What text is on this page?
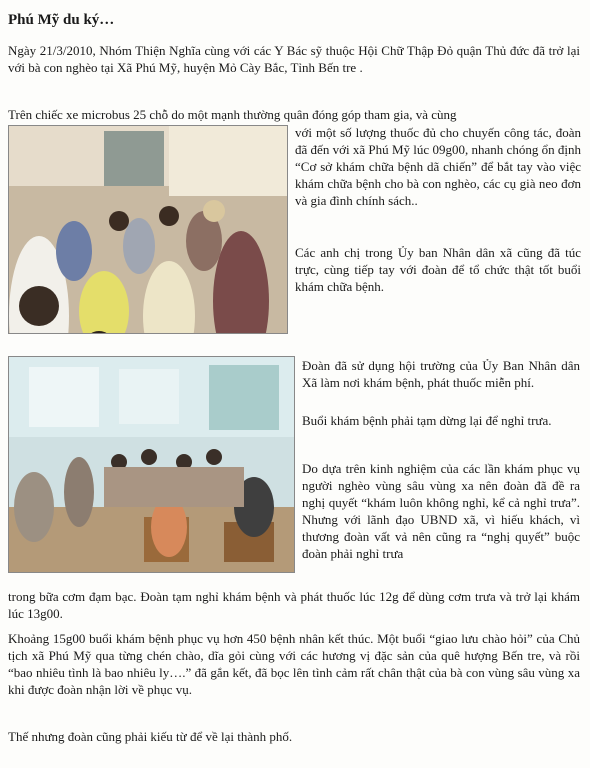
Phú Mỹ du ký…

Ngày 21/3/2010, Nhóm Thiện Nghĩa cùng với các Y Bác sỹ thuộc Hội Chữ Thập Đỏ quận Thủ đức đã trở lại với bà con nghèo tại Xã Phú Mỹ, huyện Mỏ Cày Bắc, Tỉnh Bến tre .

Trên chiếc xe microbus 25 chỗ do một mạnh thường quân đóng góp tham gia, và cùng

với một số lượng thuốc đủ cho chuyến công tác, đoàn đã đến với xã Phú Mỹ lúc 09g00, nhanh chóng ổn định “Cơ sở khám chữa bệnh dã chiến” để bắt tay vào việc khám chữa bệnh cho bà con nghèo, các cụ già neo đơn và gia đình chính sách..

Các anh chị trong Ủy ban Nhân dân xã cũng đã túc trực, cùng tiếp tay với đoàn để tổ chức thật tốt buổi khám chữa bệnh.

Đoàn đã sử dụng hội trường của Ủy Ban Nhân dân Xã làm nơi khám bệnh, phát thuốc miễn phí.

Buổi khám bệnh phải tạm dừng lại để nghỉ trưa.

Do dựa trên kinh nghiệm của các lần khám phục vụ người nghèo vùng sâu vùng xa nên đoàn đã đề ra nghị quyết “khám luôn không nghỉ, kể cả nghỉ trưa”. Nhưng với lãnh đạo UBND xã, vì hiếu khách, vì thương đoàn vất vả nên cũng ra “nghị quyết” buộc đoàn phải nghỉ trưa

trong bữa cơm đạm bạc. Đoàn tạm nghỉ khám bệnh và phát thuốc lúc 12g để dùng cơm trưa và trở lại khám lúc 13g00.

Khoảng 15g00 buổi khám bệnh phục vụ hơn 450 bệnh nhân kết thúc. Một buổi “giao lưu chào hỏi” của Chủ tịch xã Phú Mỹ qua từng chén chào, dĩa gỏi cùng với các hương vị đặc sản của quê hượng Bến tre, và rồi “bao nhiêu tình là bao nhiêu ly….” đã gắn kết, đã bọc lên tình cảm rất chân thật của bà con vùng sâu vùng xa khi được đoàn nhận lời về phục vụ.

Thế nhưng đoàn cũng phải kiếu từ để về lại thành phố.
